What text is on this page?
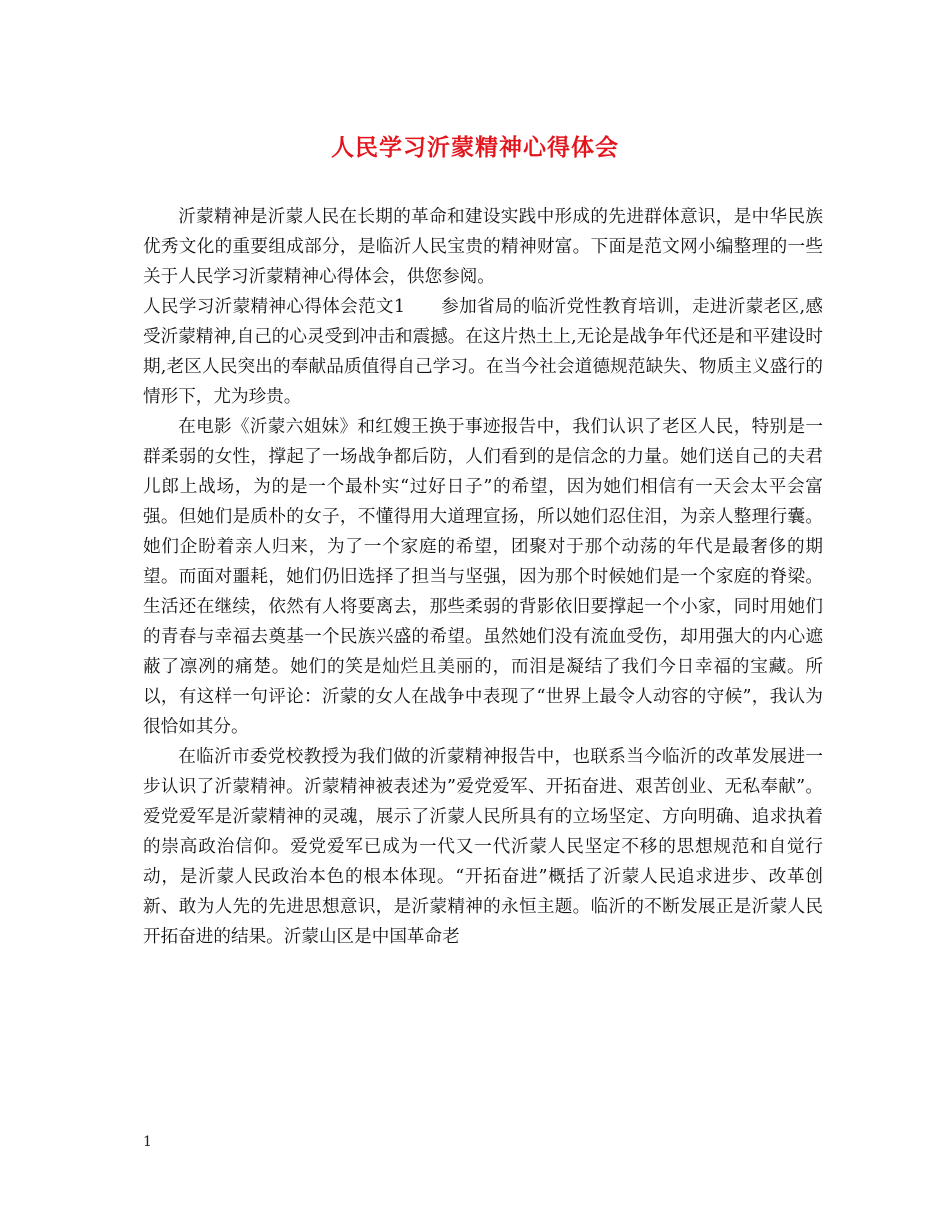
人民学习沂蒙精神心得体会

沂蒙精神是沂蒙人民在长期的革命和建设实践中形成的先进群体意识，是中华民族优秀文化的重要组成部分，是临沂人民宝贵的精神财富。下面是范文网小编整理的一些关于人民学习沂蒙精神心得体会，供您参阅。

人民学习沂蒙精神心得体会范文1　　参加省局的临沂党性教育培训，走进沂蒙老区,感受沂蒙精神,自己的心灵受到冲击和震撼。在这片热土上,无论是战争年代还是和平建设时期,老区人民突出的奉献品质值得自己学习。在当今社会道德规范缺失、物质主义盛行的情形下，尤为珍贵。

在电影《沂蒙六姐妹》和红嫂王换于事迹报告中，我们认识了老区人民，特别是一群柔弱的女性，撑起了一场战争都后防，人们看到的是信念的力量。她们送自己的夫君儿郎上战场，为的是一个最朴实“过好日子”的希望，因为她们相信有一天会太平会富强。但她们是质朴的女子，不懂得用大道理宣扬，所以她们忍住泪，为亲人整理行囊。她们企盼着亲人归来，为了一个家庭的希望，团聚对于那个动荡的年代是最奢侈的期望。而面对噩耗，她们仍旧选择了担当与坚强，因为那个时候她们是一个家庭的脊梁。生活还在继续，依然有人将要离去，那些柔弱的背影依旧要撑起一个小家，同时用她们的青春与幸福去奠基一个民族兴盛的希望。虽然她们没有流血受伤，却用强大的内心遮蔽了凛冽的痛楚。她们的笑是灿烂且美丽的，而泪是凝结了我们今日幸福的宝藏。所以，有这样一句评论：沂蒙的女人在战争中表现了“世界上最令人动容的守候”，我认为很恰如其分。

在临沂市委党校教授为我们做的沂蒙精神报告中，也联系当今临沂的改革发展进一步认识了沂蒙精神。沂蒙精神被表述为”爱党爱军、开拓奋进、艰苦创业、无私奉献”。 爱党爱军是沂蒙精神的灵魂，展示了沂蒙人民所具有的立场坚定、方向明确、追求执着的崇高政治信仰。爱党爱军已成为一代又一代沂蒙人民坚定不移的思想规范和自觉行动，是沂蒙人民政治本色的根本体现。“开拓奋进”概括了沂蒙人民追求进步、改革创新、敢为人先的先进思想意识，是沂蒙精神的永恒主题。临沂的不断发展正是沂蒙人民开拓奋进的结果。沂蒙山区是中国革命老

1
